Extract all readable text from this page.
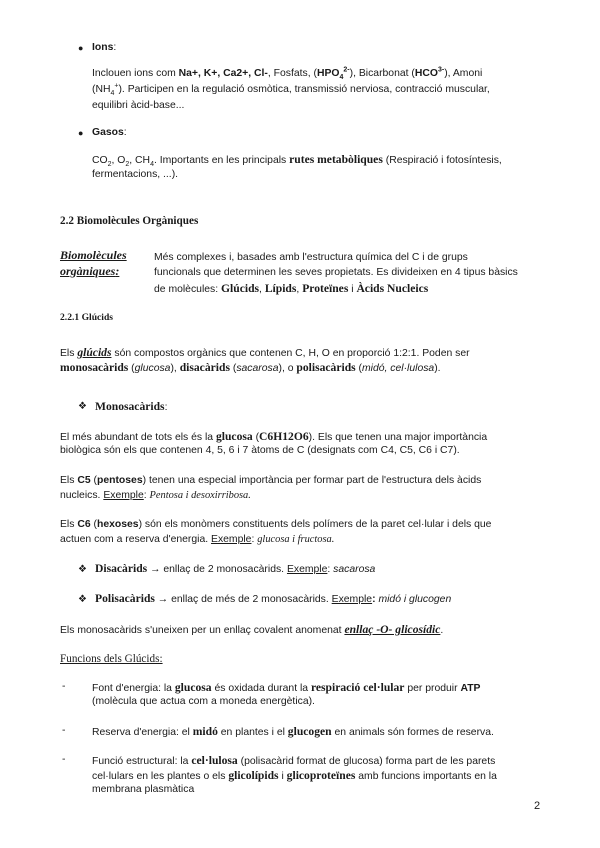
● Ions:
Inclouen ions com Na+, K+, Ca2+, Cl-, Fosfats, $(HPO_4^{2-})$, Bicarbonat $(HCO^{3-})$, Amoni
$(NH_4^+)$. Participen en la regulació osmòtica, transmissió nerviosa, contracció muscular,
equilibri àcid-base...
● Gasos:
$CO_2$, $O_2$, $CH_4$. Importants en les principals rutes metabòliques (Respiració i fotosíntesis,
fermentacions, ...).
2.2 Biomolècules Orgàniques
Biomolècules
orgàniques:
Més complexes i, basades amb l'estructura química del C i de grups
funcionals que determinen les seves propietats. Es divideixen en 4 tipus bàsics
de molècules: Glúcids, Lípids, Proteïnes i Àcids Nucleics
2.2.1 Glúcids
Els glúcids són compostos orgànics que contenen C, H, O en proporció 1:2:1. Poden ser
monosacàrids (glucosa), disacàrids (sacarosa), o polisacàrids (midó, cel·lulosa).
❖ Monosacàrids:
El més abundant de tots els és la glucosa (C6H12O6). Els que tenen una major importància
biològica són els que contenen 4, 5, 6 i 7 àtoms de C (designats com C4, C5, C6 i C7).
Els C5 (pentoses) tenen una especial importància per formar part de l'estructura dels àcids
nucleics. Exemple: Pentosa i desoxirribosa.
Els C6 (hexoses) són els monòmers constituents dels polímers de la paret cel·lular i dels que
actuen com a reserva d'energia. Exemple: glucosa i fructosa.
❖ Disacàrids → enllaç de 2 monosacàrids. Exemple: sacarosa
❖ Polisacàrids → enllaç de més de 2 monosacàrids. Exemple: midó i glucogen
Els monosacàrids s'uneixen per un enllaç covalent anomenat enllaç -O- glicosídic.
Funcions dels Glúcids:
-	Font d'energia: la glucosa és oxidada durant la respiració cel·lular per produir ATP
(molècula que actua com a moneda energètica).
-	Reserva d'energia: el midó en plantes i el glucogen en animals són formes de reserva.
-	Funció estructural: la cel·lulosa (polisacàrid format de glucosa) forma part de les parets
cel·lulars en les plantes o els glicolípids i glicoproteïnes amb funcions importants en la
membrana plasmàtica
2
